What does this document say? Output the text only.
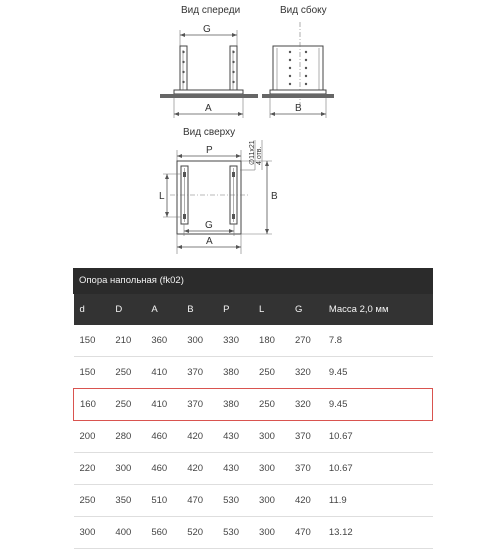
Вид спереди
G
A
Вид сбоку
B
Вид сверху
P
L
G
A
B
∅11x21 4 отв.
Опора напольная (fk02)
d	D	A	B	P	L	G	Масса 2,0 мм
150	210	360	300	330	180	270	7.8
150	250	410	370	380	250	320	9.45
160	250	410	370	380	250	320	9.45
200	280	460	420	430	300	370	10.67
220	300	460	420	430	300	370	10.67
250	350	510	470	530	300	420	11.9
300	400	560	520	530	300	470	13.12
